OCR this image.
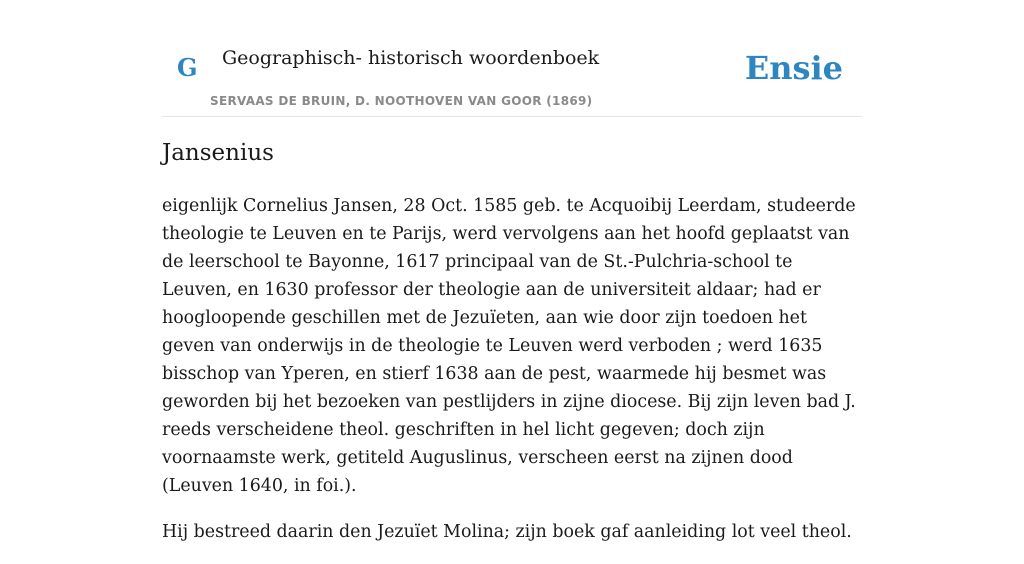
G Geographisch- historisch woordenboek
SERVAAS DE BRUIN, D. NOOTHOVEN VAN GOOR (1869)
Ensie
Jansenius

eigenlijk Cornelius Jansen, 28 Oct. 1585 geb. te Acquoibij Leerdam, studeerde theologie te Leuven en te Parijs, werd vervolgens aan het hoofd geplaatst van de leerschool te Bayonne, 1617 principaal van de St.-Pulchria-school te Leuven, en 1630 professor der theologie aan de universiteit aldaar; had er hoogloopende geschillen met de Jezuïeten, aan wie door zijn toedoen het geven van onderwijs in de theologie te Leuven werd verboden ; werd 1635 bisschop van Yperen, en stierf 1638 aan de pest, waarmede hij besmet was geworden bij het bezoeken van pestlijders in zijne diocese. Bij zijn leven bad J. reeds verscheidene theol. geschriften in hel licht gegeven; doch zijn voornaamste werk, getiteld Auguslinus, verscheen eerst na zijnen dood (Leuven 1640, in foi.).

Hij bestreed daarin den Jezuïet Molina; zijn boek gaf aanleiding lot veel theol.
